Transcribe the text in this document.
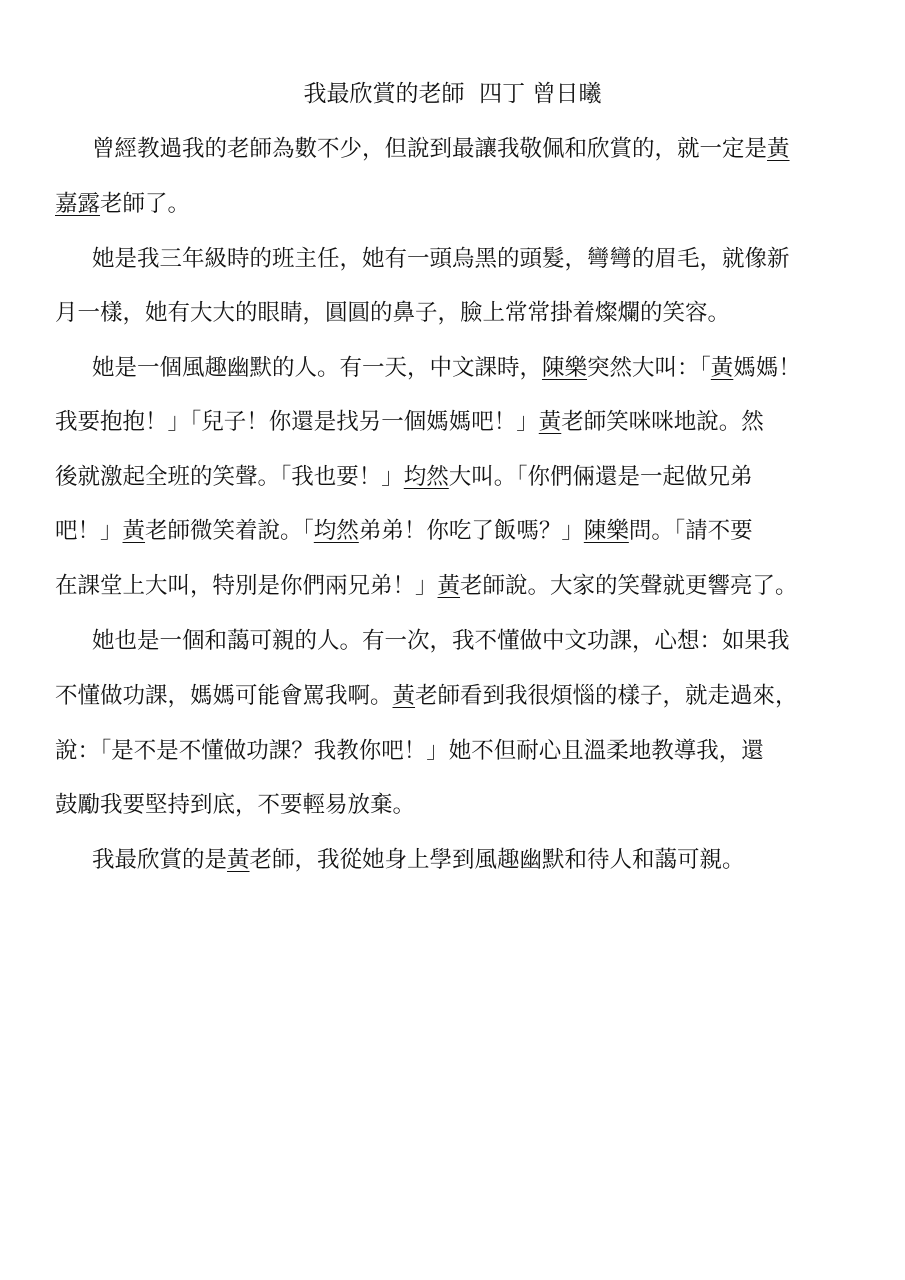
我最欣賞的老師  四丁 曾日曦
曾經教過我的老師為數不少，但說到最讓我敬佩和欣賞的，就一定是黃
嘉露老師了。
她是我三年級時的班主任，她有一頭烏黑的頭髮，彎彎的眉毛，就像新
月一樣，她有大大的眼睛，圓圓的鼻子，臉上常常掛着燦爛的笑容。
她是一個風趣幽默的人。有一天，中文課時，陳樂突然大叫：「黃媽媽！
我要抱抱！」「兒子！你還是找另一個媽媽吧！」黃老師笑咪咪地說。然
後就激起全班的笑聲。「我也要！」均然大叫。「你們倆還是一起做兄弟
吧！」黃老師微笑着說。「均然弟弟！你吃了飯嗎？」陳樂問。「請不要
在課堂上大叫，特別是你們兩兄弟！」黃老師說。大家的笑聲就更響亮了。
她也是一個和藹可親的人。有一次，我不懂做中文功課，心想：如果我
不懂做功課，媽媽可能會罵我啊。黃老師看到我很煩惱的樣子，就走過來，
說：「是不是不懂做功課？我教你吧！」她不但耐心且溫柔地教導我，還
鼓勵我要堅持到底，不要輕易放棄。
我最欣賞的是黃老師，我從她身上學到風趣幽默和待人和藹可親。
